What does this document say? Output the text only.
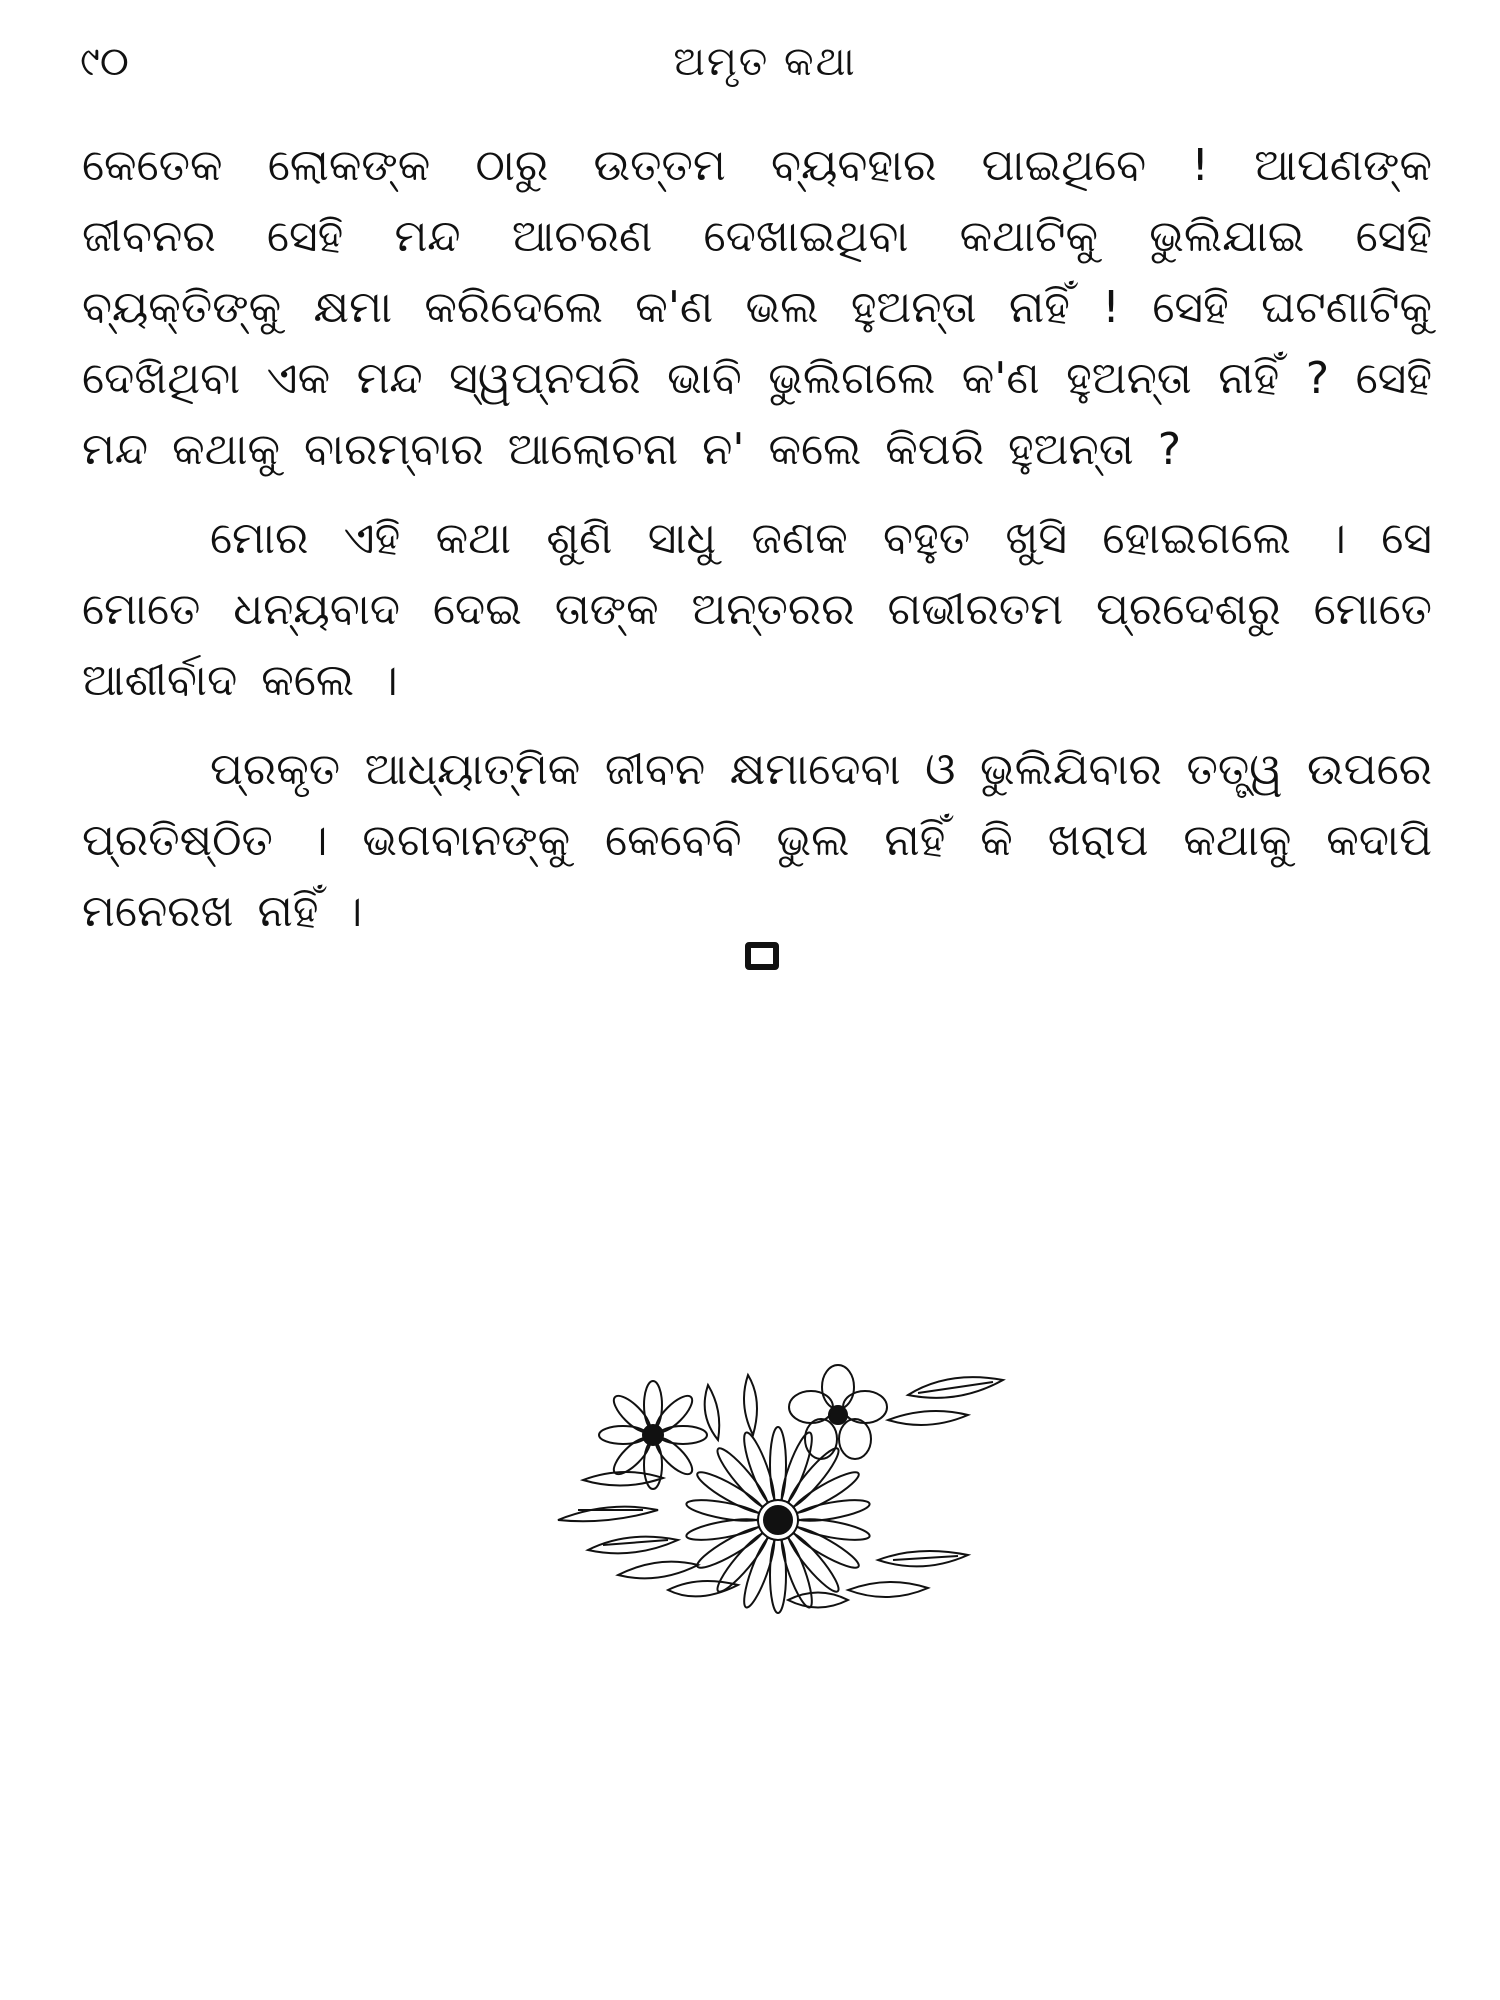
୯୦	ଅମୃତ କଥା

କେତେକ ଲୋକଙ୍କ ଠାରୁ ଉତ୍ତମ ବ୍ୟବହାର ପାଇଥିବେ ! ଆପଣଙ୍କ ଜୀବନର ସେହି ମନ୍ଦ ଆଚରଣ ଦେଖାଇଥିବା କଥାଟିକୁ ଭୁଲିଯାଇ ସେହି ବ୍ୟକ୍ତିଙ୍କୁ କ୍ଷମା କରିଦେଲେ କ'ଣ ଭଲ ହୁଅନ୍ତା ନାହିଁ ! ସେହି ଘଟଣାଟିକୁ ଦେଖିଥିବା ଏକ ମନ୍ଦ ସ୍ୱପ୍ନପରି ଭାବି ଭୁଲିଗଲେ କ'ଣ ହୁଅନ୍ତା ନାହିଁ ? ସେହି ମନ୍ଦ କଥାକୁ ବାରମ୍ବାର ଆଲୋଚନା ନ' କଲେ କିପରି ହୁଅନ୍ତା ?

ମୋର ଏହି କଥା ଶୁଣି ସାଧୁ ଜଣକ ବହୁତ ଖୁସି ହୋଇଗଲେ । ସେ ମୋତେ ଧନ୍ୟବାଦ ଦେଇ ତାଙ୍କ ଅନ୍ତରର ଗଭୀରତମ ପ୍ରଦେଶରୁ ମୋତେ ଆଶୀର୍ବାଦ କଲେ ।

ପ୍ରକୃତ ଆଧ୍ୟାତ୍ମିକ ଜୀବନ କ୍ଷମାଦେବା ଓ ଭୁଲିଯିବାର ତତ୍ତ୍ୱ ଉପରେ ପ୍ରତିଷ୍ଠିତ । ଭଗବାନଙ୍କୁ କେବେବି ଭୁଲ ନାହିଁ କି ଖରାପ କଥାକୁ କଦାପି ମନେରଖ ନାହିଁ ।
